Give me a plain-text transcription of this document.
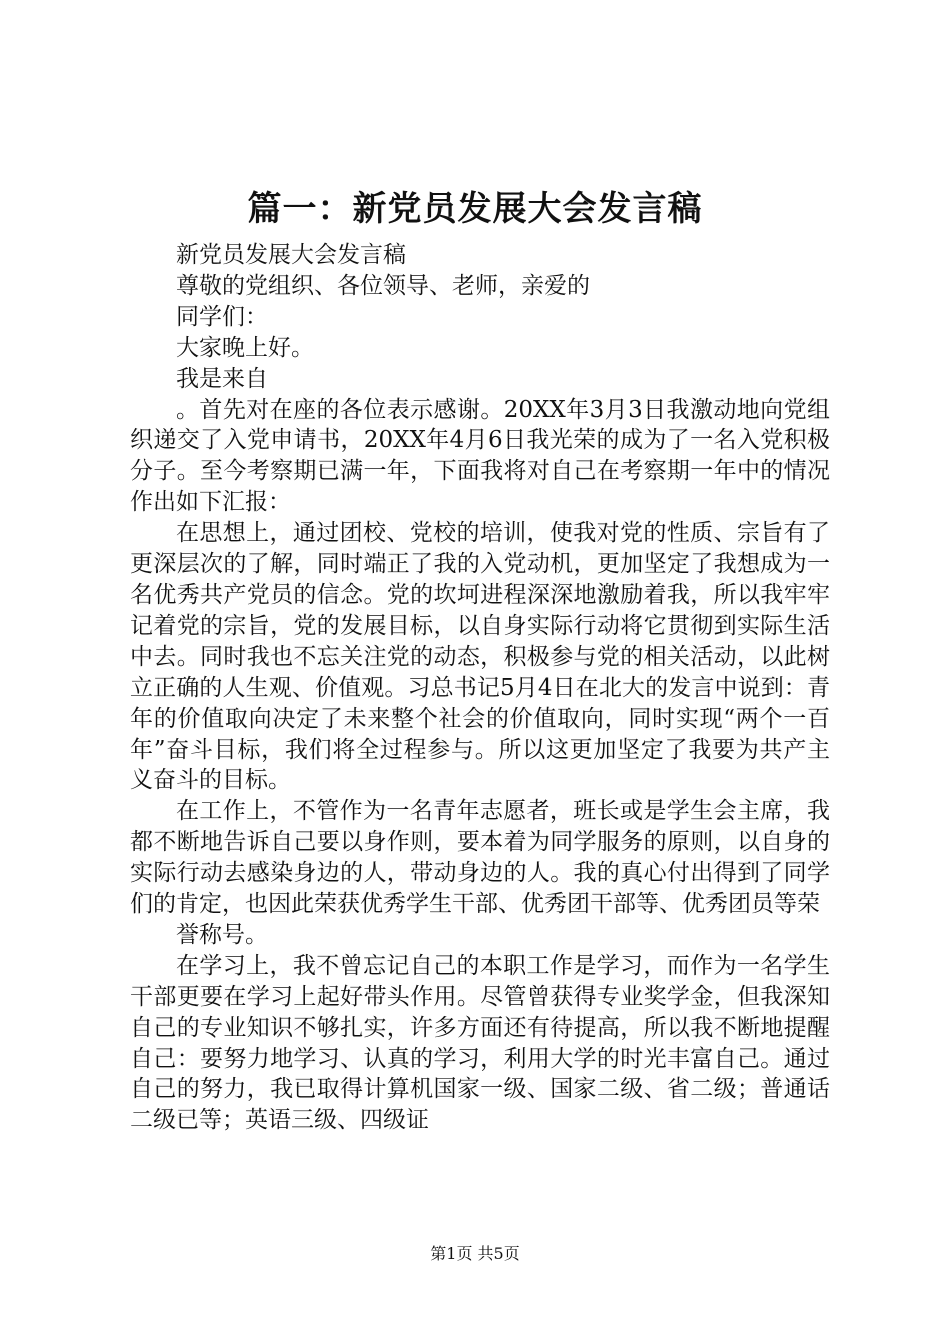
篇一：新党员发展大会发言稿

新党员发展大会发言稿

尊敬的党组织、各位领导、老师，亲爱的

同学们：

大家晚上好。

我是来自

。首先对在座的各位表示感谢。20XX年3月3日我激动地向党组织递交了入党申请书，20XX年4月6日我光荣的成为了一名入党积极分子。至今考察期已满一年，下面我将对自己在考察期一年中的情况作出如下汇报：

在思想上，通过团校、党校的培训，使我对党的性质、宗旨有了更深层次的了解，同时端正了我的入党动机，更加坚定了我想成为一名优秀共产党员的信念。党的坎坷进程深深地激励着我，所以我牢牢记着党的宗旨，党的发展目标，以自身实际行动将它贯彻到实际生活中去。同时我也不忘关注党的动态，积极参与党的相关活动，以此树立正确的人生观、价值观。习总书记5月4日在北大的发言中说到：青年的价值取向决定了未来整个社会的价值取向，同时实现“两个一百年”奋斗目标，我们将全过程参与。所以这更加坚定了我要为共产主义奋斗的目标。

在工作上，不管作为一名青年志愿者，班长或是学生会主席，我都不断地告诉自己要以身作则，要本着为同学服务的原则，以自身的实际行动去感染身边的人，带动身边的人。我的真心付出得到了同学们的肯定，也因此荣获优秀学生干部、优秀团干部等、优秀团员等荣

誉称号。

在学习上，我不曾忘记自己的本职工作是学习，而作为一名学生干部更要在学习上起好带头作用。尽管曾获得专业奖学金，但我深知自己的专业知识不够扎实，许多方面还有待提高，所以我不断地提醒自己：要努力地学习、认真的学习，利用大学的时光丰富自己。通过自己的努力，我已取得计算机国家一级、国家二级、省二级；普通话二级已等；英语三级、四级证

第1页 共5页
